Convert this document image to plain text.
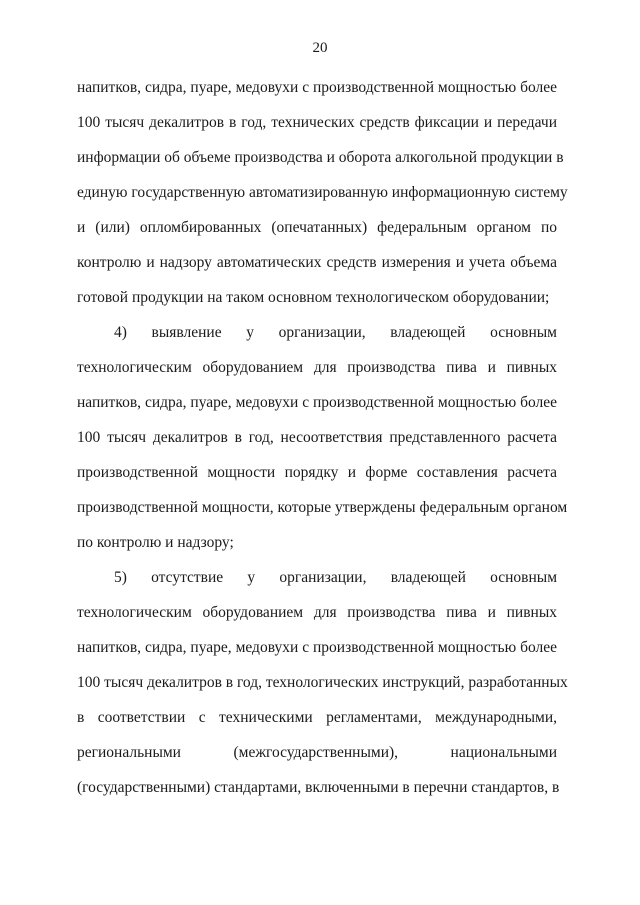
20
напитков, сидра, пуаре, медовухи с производственной мощностью более
100 тысяч декалитров в год, технических средств фиксации и передачи
информации об объеме производства и оборота алкогольной продукции в
единую государственную автоматизированную информационную систему
и (или) опломбированных (опечатанных) федеральным органом по
контролю и надзору автоматических средств измерения и учета объема
готовой продукции на таком основном технологическом оборудовании;
4) выявление у организации, владеющей основным
технологическим оборудованием для производства пива и пивных
напитков, сидра, пуаре, медовухи с производственной мощностью более
100 тысяч декалитров в год, несоответствия представленного расчета
производственной мощности порядку и форме составления расчета
производственной мощности, которые утверждены федеральным органом
по контролю и надзору;
5) отсутствие у организации, владеющей основным
технологическим оборудованием для производства пива и пивных
напитков, сидра, пуаре, медовухи с производственной мощностью более
100 тысяч декалитров в год, технологических инструкций, разработанных
в соответствии с техническими регламентами, международными,
региональными (межгосударственными), национальными
(государственными) стандартами, включенными в перечни стандартов, в
